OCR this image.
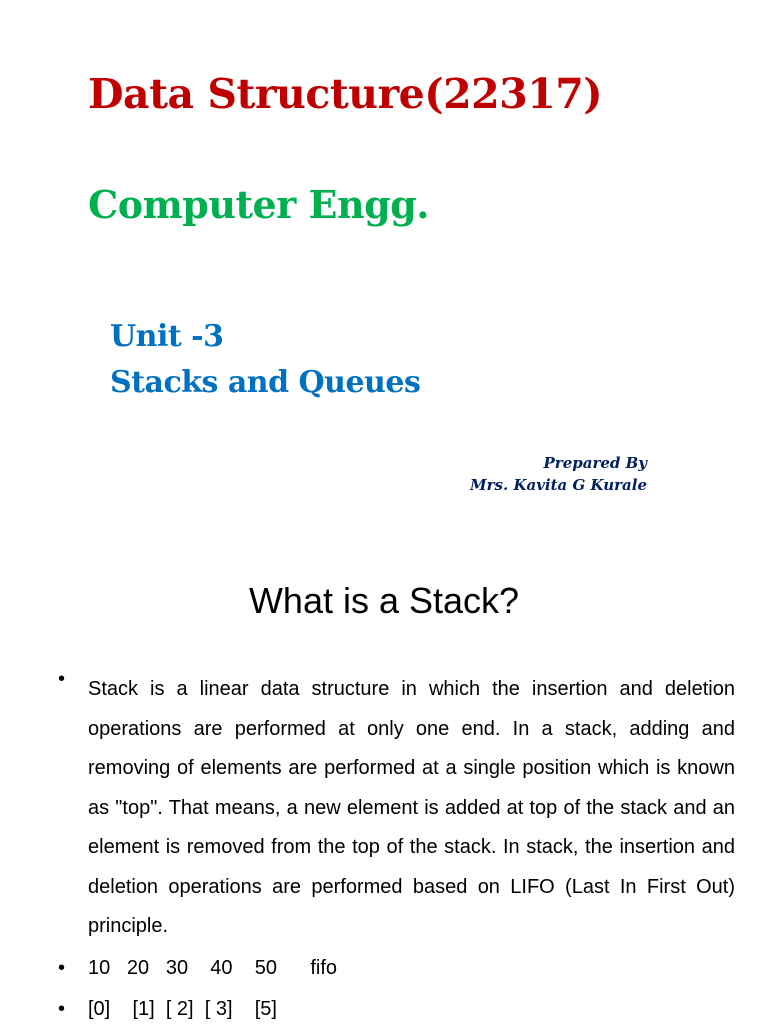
Data Structure(22317)
Computer Engg.
Unit -3
Stacks and Queues
Prepared By
Mrs. Kavita G Kurale
What is a Stack?
• Stack is a linear data structure in which the insertion and deletion operations are performed at only one end. In a stack, adding and removing of elements are performed at a single position which is known as "top". That means, a new element is added at top of the stack and an element is removed from the top of the stack. In stack, the insertion and deletion operations are performed based on LIFO (Last In First Out) principle.
• 10   20   30    40    50      fifo
• [0]    [1]  [ 2]  [ 3]    [5]
